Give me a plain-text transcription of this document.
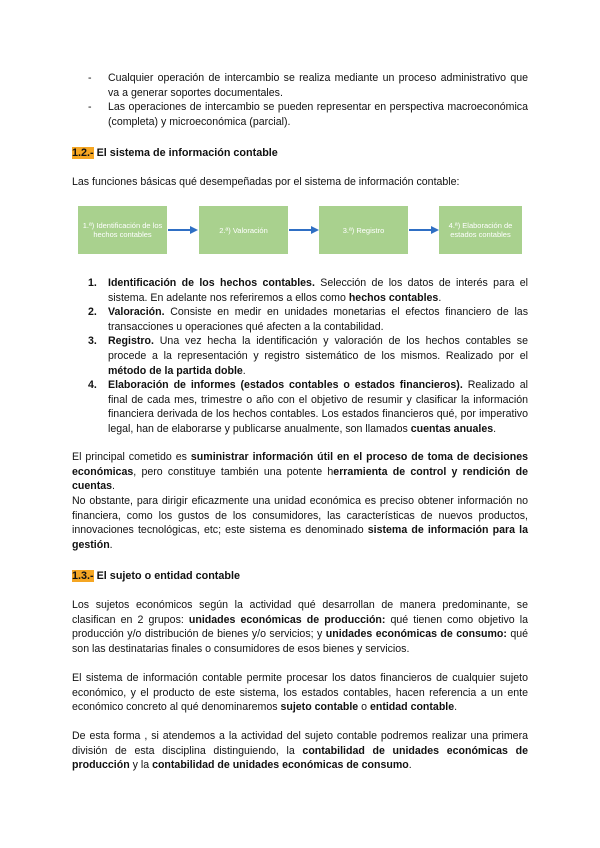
- Cualquier operación de intercambio se realiza mediante un proceso administrativo que va a generar soportes documentales.
- Las operaciones de intercambio se pueden representar en perspectiva macroeconómica (completa) y microeconómica (parcial).
1.2.- El sistema de información contable
Las funciones básicas qué desempeñadas por el sistema de información contable:
1.ª) Identificación de los hechos contables	2.ª) Valoración	3.ª) Registro	4.ª) Elaboración de estados contables
1. Identificación de los hechos contables. Selección de los datos de interés para el sistema. En adelante nos referiremos a ellos como hechos contables.
2. Valoración. Consiste en medir en unidades monetarias el efectos financiero de las transacciones u operaciones qué afecten a la contabilidad.
3. Registro. Una vez hecha la identificación y valoración de los hechos contables se procede a la representación y registro sistemático de los mismos. Realizado por el método de la partida doble.
4. Elaboración de informes (estados contables o estados financieros). Realizado al final de cada mes, trimestre o año con el objetivo de resumir y clasificar la información financiera derivada de los hechos contables. Los estados financieros qué, por imperativo legal, han de elaborarse y publicarse anualmente, son llamados cuentas anuales.
El principal cometido es suministrar información útil en el proceso de toma de decisiones económicas, pero constituye también una potente herramienta de control y rendición de cuentas.
No obstante, para dirigir eficazmente una unidad económica es preciso obtener información no financiera, como los gustos de los consumidores, las características de nuevos productos, innovaciones tecnológicas, etc; este sistema es denominado sistema de información para la gestión.
1.3.- El sujeto o entidad contable
Los sujetos económicos según la actividad qué desarrollan de manera predominante, se clasifican en 2 grupos: unidades económicas de producción: qué tienen como objetivo la producción y/o distribución de bienes y/o servicios; y unidades económicas de consumo: qué son las destinatarias finales o consumidores de esos bienes y servicios.
El sistema de información contable permite procesar los datos financieros de cualquier sujeto económico, y el producto de este sistema, los estados contables, hacen referencia a un ente económico concreto al qué denominaremos sujeto contable o entidad contable.
De esta forma , si atendemos a la actividad del sujeto contable podremos realizar una primera división de esta disciplina distinguiendo, la contabilidad de unidades económicas de producción y la contabilidad de unidades económicas de consumo.
